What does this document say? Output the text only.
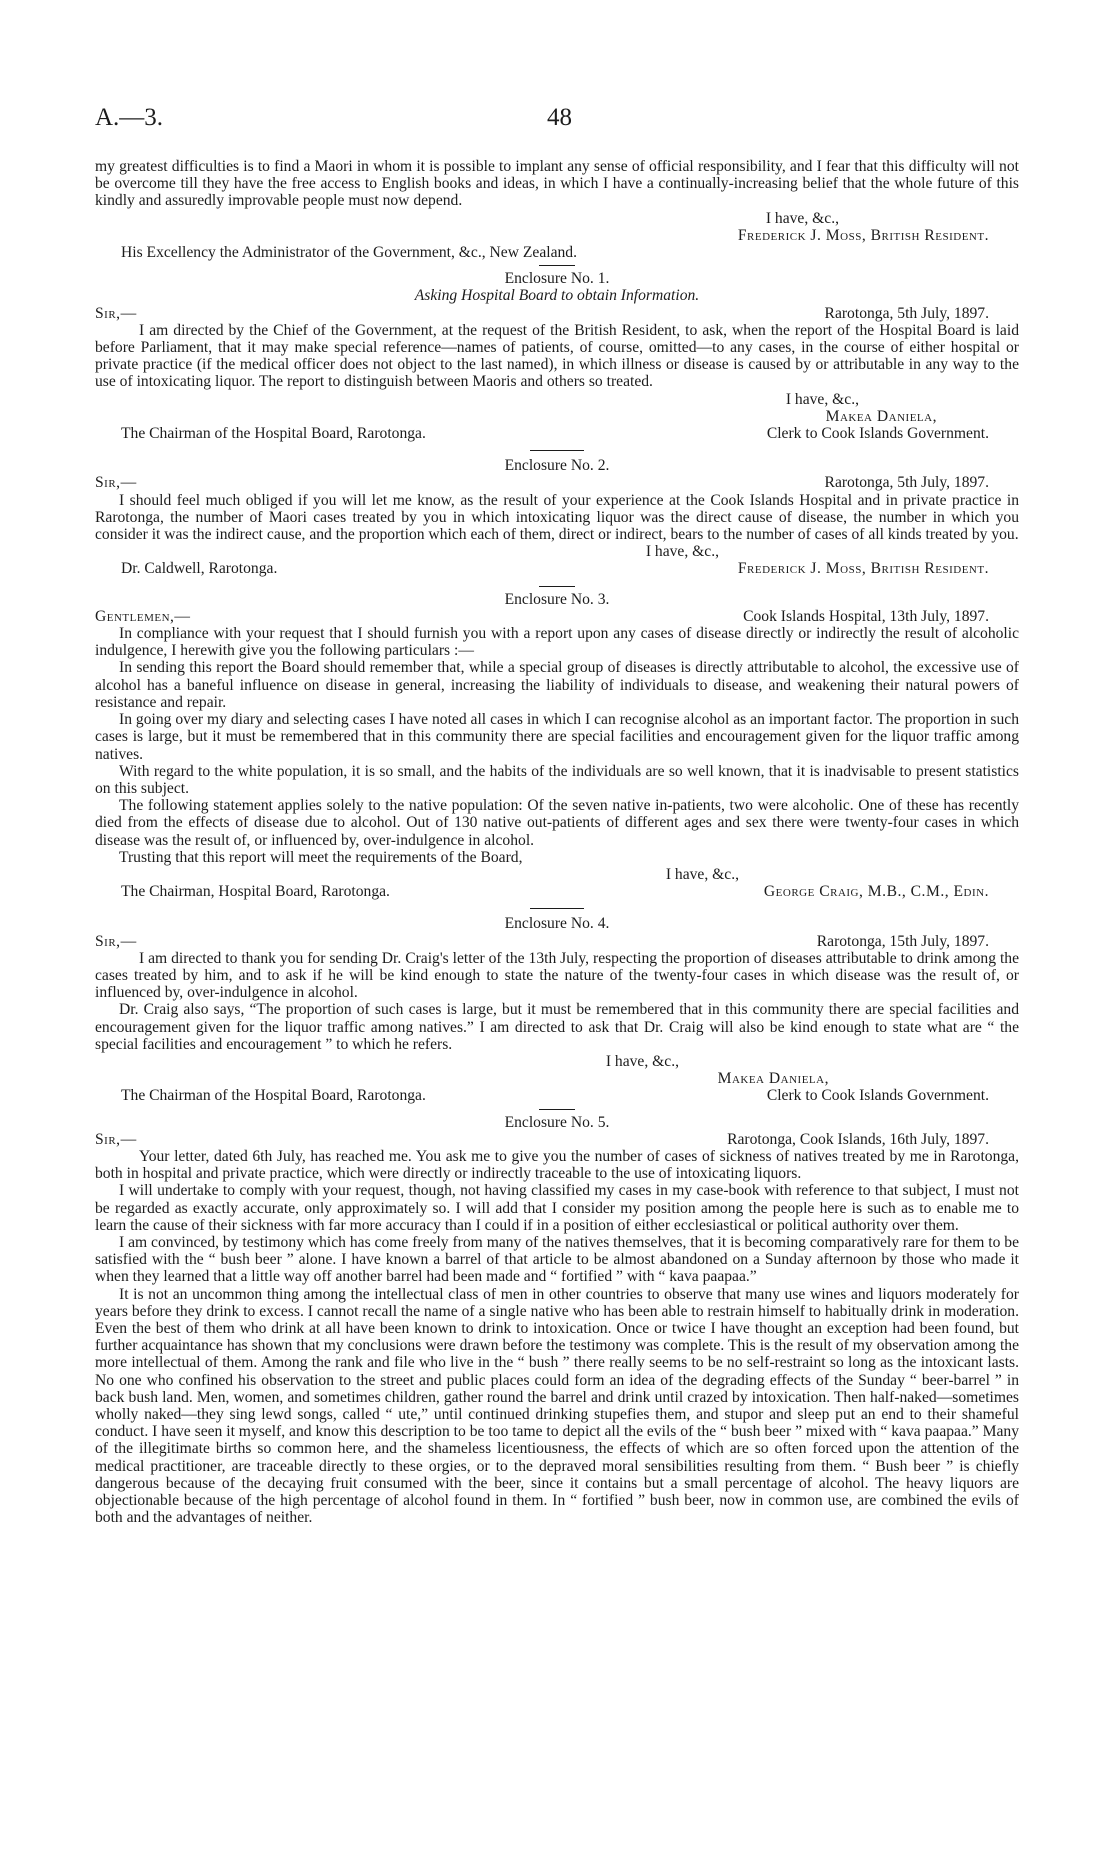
A.—3.	48

my greatest difficulties is to find a Maori in whom it is possible to implant any sense of official responsibility, and I fear that this difficulty will not be overcome till they have the free access to English books and ideas, in which I have a continually-increasing belief that the whole future of this kindly and assuredly improvable people must now depend.

I have, &c.,

Frederick J. Moss, British Resident.

His Excellency the Administrator of the Government, &c., New Zealand.

Enclosure No. 1.

Asking Hospital Board to obtain Information.

Sir,—	Rarotonga, 5th July, 1897.

I am directed by the Chief of the Government, at the request of the British Resident, to ask, when the report of the Hospital Board is laid before Parliament, that it may make special reference—names of patients, of course, omitted—to any cases, in the course of either hospital or private practice (if the medical officer does not object to the last named), in which illness or disease is caused by or attributable in any way to the use of intoxicating liquor. The report to distinguish between Maoris and others so treated.

I have, &c.,

Makea Daniela,

The Chairman of the Hospital Board, Rarotonga.	Clerk to Cook Islands Government.

Enclosure No. 2.

Sir,—	Rarotonga, 5th July, 1897.

I should feel much obliged if you will let me know, as the result of your experience at the Cook Islands Hospital and in private practice in Rarotonga, the number of Maori cases treated by you in which intoxicating liquor was the direct cause of disease, the number in which you consider it was the indirect cause, and the proportion which each of them, direct or indirect, bears to the number of cases of all kinds treated by you.

I have, &c.,

Dr. Caldwell, Rarotonga.	Frederick J. Moss, British Resident.

Enclosure No. 3.

Gentlemen,—	Cook Islands Hospital, 13th July, 1897.

In compliance with your request that I should furnish you with a report upon any cases of disease directly or indirectly the result of alcoholic indulgence, I herewith give you the following particulars :—

In sending this report the Board should remember that, while a special group of diseases is directly attributable to alcohol, the excessive use of alcohol has a baneful influence on disease in general, increasing the liability of individuals to disease, and weakening their natural powers of resistance and repair.

In going over my diary and selecting cases I have noted all cases in which I can recognise alcohol as an important factor. The proportion in such cases is large, but it must be remembered that in this community there are special facilities and encouragement given for the liquor traffic among natives.

With regard to the white population, it is so small, and the habits of the individuals are so well known, that it is inadvisable to present statistics on this subject.

The following statement applies solely to the native population: Of the seven native in-patients, two were alcoholic. One of these has recently died from the effects of disease due to alcohol. Out of 130 native out-patients of different ages and sex there were twenty-four cases in which disease was the result of, or influenced by, over-indulgence in alcohol.

Trusting that this report will meet the requirements of the Board,

I have, &c.,

The Chairman, Hospital Board, Rarotonga.	George Craig, M.B., C.M., Edin.

Enclosure No. 4.

Sir,—	Rarotonga, 15th July, 1897.

I am directed to thank you for sending Dr. Craig's letter of the 13th July, respecting the proportion of diseases attributable to drink among the cases treated by him, and to ask if he will be kind enough to state the nature of the twenty-four cases in which disease was the result of, or influenced by, over-indulgence in alcohol.

Dr. Craig also says, “The proportion of such cases is large, but it must be remembered that in this community there are special facilities and encouragement given for the liquor traffic among natives.” I am directed to ask that Dr. Craig will also be kind enough to state what are “ the special facilities and encouragement ” to which he refers.

I have, &c.,

Makea Daniela,

The Chairman of the Hospital Board, Rarotonga.	Clerk to Cook Islands Government.

Enclosure No. 5.

Sir,—	Rarotonga, Cook Islands, 16th July, 1897.

Your letter, dated 6th July, has reached me. You ask me to give you the number of cases of sickness of natives treated by me in Rarotonga, both in hospital and private practice, which were directly or indirectly traceable to the use of intoxicating liquors.

I will undertake to comply with your request, though, not having classified my cases in my case-book with reference to that subject, I must not be regarded as exactly accurate, only approximately so. I will add that I consider my position among the people here is such as to enable me to learn the cause of their sickness with far more accuracy than I could if in a position of either ecclesiastical or political authority over them.

I am convinced, by testimony which has come freely from many of the natives themselves, that it is becoming comparatively rare for them to be satisfied with the “ bush beer ” alone. I have known a barrel of that article to be almost abandoned on a Sunday afternoon by those who made it when they learned that a little way off another barrel had been made and “ fortified ” with “ kava paapaa.”

It is not an uncommon thing among the intellectual class of men in other countries to observe that many use wines and liquors moderately for years before they drink to excess. I cannot recall the name of a single native who has been able to restrain himself to habitually drink in moderation. Even the best of them who drink at all have been known to drink to intoxication. Once or twice I have thought an exception had been found, but further acquaintance has shown that my conclusions were drawn before the testimony was complete. This is the result of my observation among the more intellectual of them. Among the rank and file who live in the “ bush ” there really seems to be no self-restraint so long as the intoxicant lasts. No one who confined his observation to the street and public places could form an idea of the degrading effects of the Sunday “ beer-barrel ” in back bush land. Men, women, and sometimes children, gather round the barrel and drink until crazed by intoxication. Then half-naked—sometimes wholly naked—they sing lewd songs, called “ ute,” until continued drinking stupefies them, and stupor and sleep put an end to their shameful conduct. I have seen it myself, and know this description to be too tame to depict all the evils of the “ bush beer ” mixed with “ kava paapaa.” Many of the illegitimate births so common here, and the shameless licentiousness, the effects of which are so often forced upon the attention of the medical practitioner, are traceable directly to these orgies, or to the depraved moral sensibilities resulting from them. “ Bush beer ” is chiefly dangerous because of the decaying fruit consumed with the beer, since it contains but a small percentage of alcohol. The heavy liquors are objectionable because of the high percentage of alcohol found in them. In “ fortified ” bush beer, now in common use, are combined the evils of both and the advantages of neither.
